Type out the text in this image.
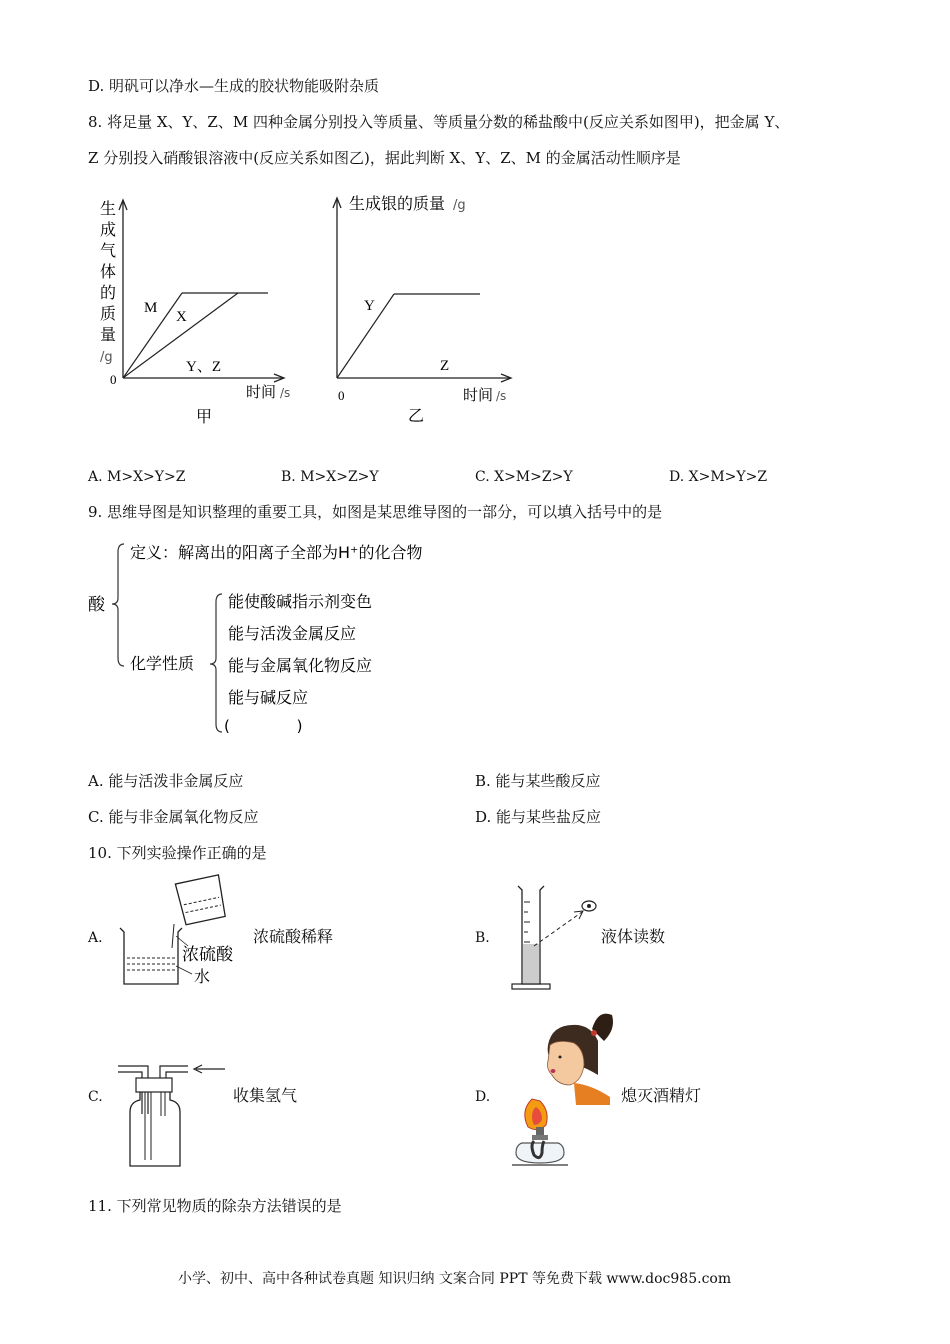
D. 明矾可以净水—生成的胶状物能吸附杂质
8. 将足量 X、Y、Z、M 四种金属分别投入等质量、等质量分数的稀盐酸中(反应关系如图甲)，把金属 Y、
Z 分别投入硝酸银溶液中(反应关系如图乙)，据此判断 X、Y、Z、M 的金属活动性顺序是
生
成
气
体
的
质
量
/g
0
M
X
Y、Z
时间 /s
甲
生成银的质量 /g
0
Y
Z
时间 /s
乙
A. M>X>Y>Z	B. M>X>Z>Y	C. X>M>Z>Y	D. X>M>Y>Z
9. 思维导图是知识整理的重要工具，如图是某思维导图的一部分，可以填入括号中的是
酸
定义：解离出的阳离子全部为H⁺的化合物
化学性质
能使酸碱指示剂变色
能与活泼金属反应
能与金属氧化物反应
能与碱反应
(              )
A. 能与活泼非金属反应	B. 能与某些酸反应
C. 能与非金属氧化物反应	D. 能与某些盐反应
10. 下列实验操作正确的是
A.
浓硫酸
水
浓硫酸稀释	B.	液体读数
C.	收集氢气	D.	熄灭酒精灯
11. 下列常见物质的除杂方法错误的是
小学、初中、高中各种试卷真题 知识归纳 文案合同 PPT 等免费下载 www.doc985.com
